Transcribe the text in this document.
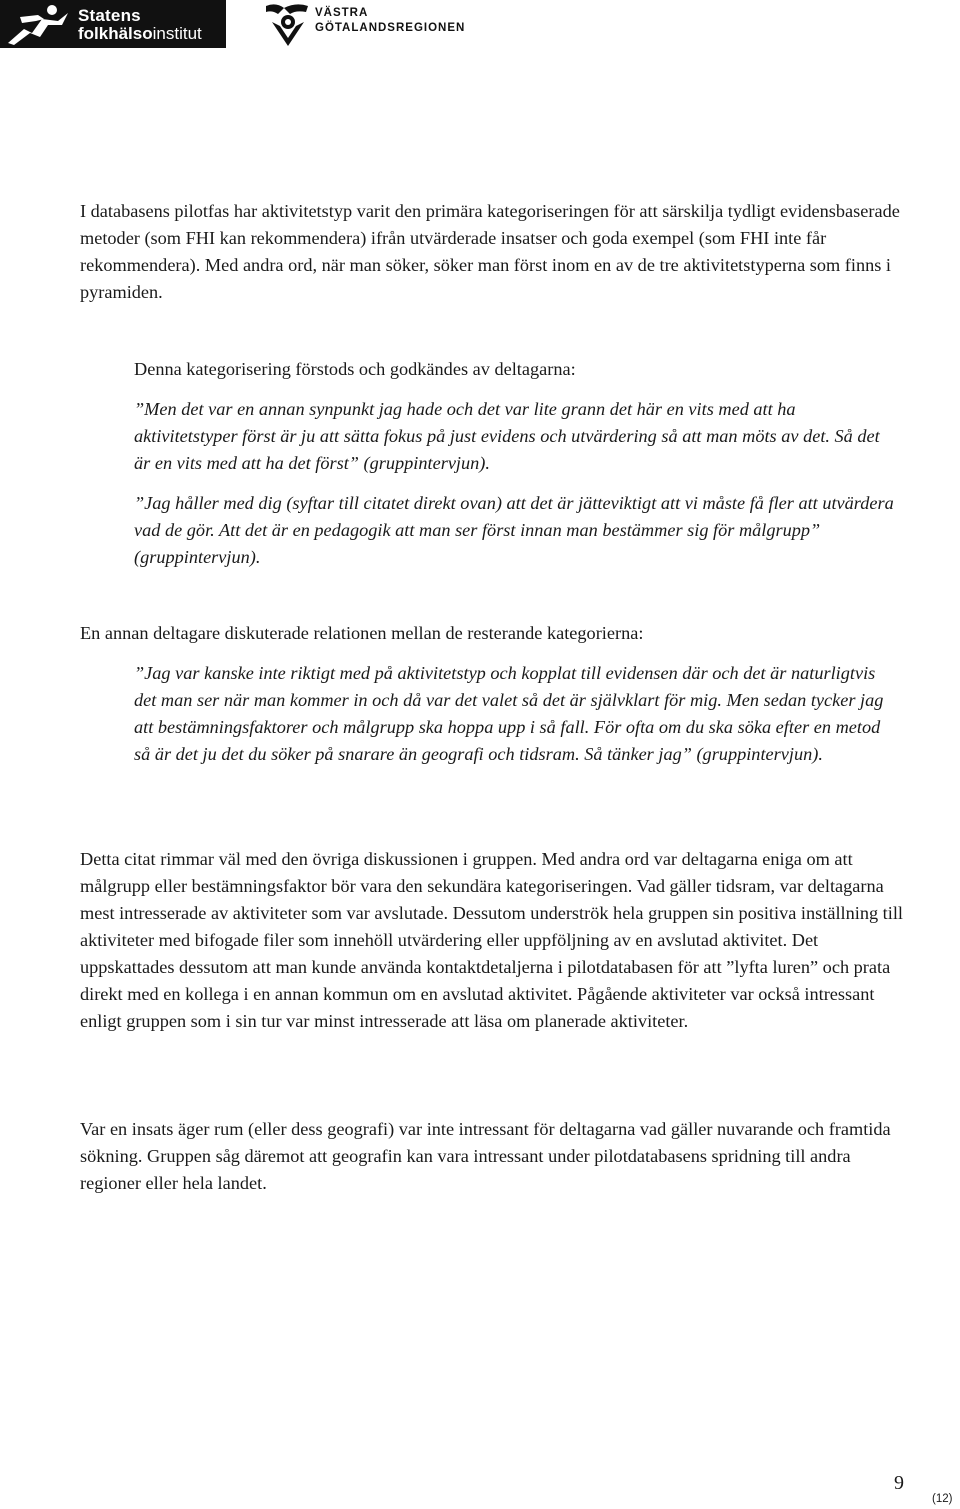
Statens
folkhälsoinstitut
VÄSTRA
GÖTALANDSREGIONEN

I databasens pilotfas har aktivitetstyp varit den primära kategoriseringen för att särskilja tydligt evidensbaserade metoder (som FHI kan rekommendera) ifrån utvärderade insatser och goda exempel (som FHI inte får rekommendera). Med andra ord, när man söker, söker man först inom en av de tre aktivitetstyperna som finns i pyramiden.

Denna kategorisering förstods och godkändes av deltagarna:

”Men det var en annan synpunkt jag hade och det var lite grann det här en vits med att ha aktivitetstyper först är ju att sätta fokus på just evidens och utvärdering så att man möts av det. Så det är en vits med att ha det först” (gruppintervjun).

”Jag håller med dig (syftar till citatet direkt ovan) att det är jätteviktigt att vi måste få fler att utvärdera vad de gör. Att det är en pedagogik att man ser först innan man bestämmer sig för målgrupp” (gruppintervjun).

En annan deltagare diskuterade relationen mellan de resterande kategorierna:

”Jag var kanske inte riktigt med på aktivitetstyp och kopplat till evidensen där och det är naturligtvis det man ser när man kommer in och då var det valet så det är självklart för mig. Men sedan tycker jag att bestämningsfaktorer och målgrupp ska hoppa upp i så fall. För ofta om du ska söka efter en metod så är det ju det du söker på snarare än geografi och tidsram. Så tänker jag” (gruppintervjun).

Detta citat rimmar väl med den övriga diskussionen i gruppen. Med andra ord var deltagarna eniga om att målgrupp eller bestämningsfaktor bör vara den sekundära kategoriseringen. Vad gäller tidsram, var deltagarna mest intresserade av aktiviteter som var avslutade. Dessutom underströk hela gruppen sin positiva inställning till aktiviteter med bifogade filer som innehöll utvärdering eller uppföljning av en avslutad aktivitet. Det uppskattades dessutom att man kunde använda kontaktdetaljerna i pilotdatabasen för att ”lyfta luren” och prata direkt med en kollega i en annan kommun om en avslutad aktivitet. Pågående aktiviteter var också intressant enligt gruppen som i sin tur var minst intresserade att läsa om planerade aktiviteter.

Var en insats äger rum (eller dess geografi) var inte intressant för deltagarna vad gäller nuvarande och framtida sökning. Gruppen såg däremot att geografin kan vara intressant under pilotdatabasens spridning till andra regioner eller hela landet.

9
(12)
